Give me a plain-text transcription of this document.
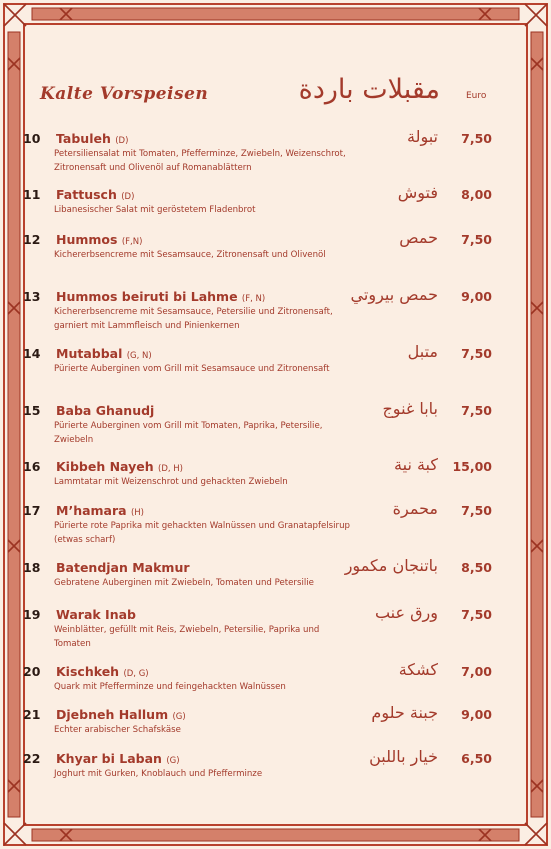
Kalte Vorspeisen	مقبلات باردة	Euro
10 Tabuleh (D)
Petersiliensalat mit Tomaten, Pfefferminze, Zwiebeln, Weizenschrot, Zitronensaft und Olivenöl auf Romanablättern
تبولة 7,50
11 Fattusch (D)
Libanesischer Salat mit geröstetem Fladenbrot
فتوش 8,00
12 Hummos (F,N)
Kichererbsencreme mit Sesamsauce, Zitronensaft und Olivenöl
حمص 7,50
13 Hummos beiruti bi Lahme (F, N)
Kichererbsencreme mit Sesamsauce, Petersilie und Zitronensaft, garniert mit Lammfleisch und Pinienkernen
حمص بيروتي 9,00
14 Mutabbal (G, N)
Pürierte Auberginen vom Grill mit Sesamsauce und Zitronensaft
متبل 7,50
15 Baba Ghanudj
Pürierte Auberginen vom Grill mit Tomaten, Paprika, Petersilie, Zwiebeln
بابا غنوج 7,50
16 Kibbeh Nayeh (D, H)
Lammtatar mit Weizenschrot und gehackten Zwiebeln
كبة نية 15,00
17 M’hamara (H)
Pürierte rote Paprika mit gehackten Walnüssen und Granatapfelsirup (etwas scharf)
محمرة 7,50
18 Batendjan Makmur
Gebratene Auberginen mit Zwiebeln, Tomaten und Petersilie
باتنجان مكمور 8,50
19 Warak Inab
Weinblätter, gefüllt mit Reis, Zwiebeln, Petersilie, Paprika und Tomaten
ورق عنب 7,50
20 Kischkeh (D, G)
Quark mit Pfefferminze und feingehackten Walnüssen
كشكة 7,00
21 Djebneh Hallum (G)
Echter arabischer Schafskäse
جبنة حلوم 9,00
22 Khyar bi Laban (G)
Joghurt mit Gurken, Knoblauch und Pfefferminze
خيار باللبن 6,50
